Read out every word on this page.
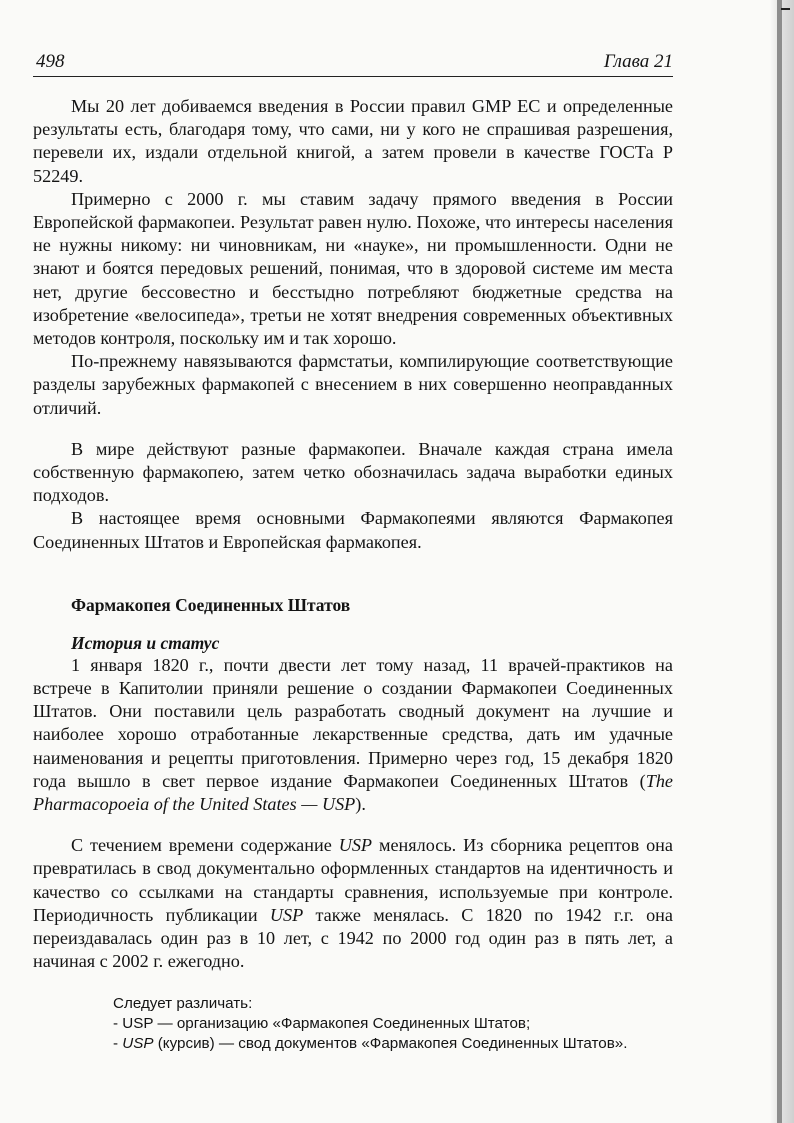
498	Глава 21

Мы 20 лет добиваемся введения в России правил GMP ЕС и определенные результаты есть, благодаря тому, что сами, ни у кого не спрашивая разрешения, перевели их, издали отдельной книгой, а затем провели в качестве ГОСТа Р 52249.

Примерно с 2000 г. мы ставим задачу прямого введения в России Европейской фармакопеи. Результат равен нулю. Похоже, что интересы населения не нужны никому: ни чиновникам, ни «науке», ни промышленности. Одни не знают и боятся передовых решений, понимая, что в здоровой системе им места нет, другие бессовестно и бесстыдно потребляют бюджетные средства на изобретение «велосипеда», третьи не хотят внедрения современных объективных методов контроля, поскольку им и так хорошо.

По-прежнему навязываются фармстатьи, компилирующие соответствующие разделы зарубежных фармакопей с внесением в них совершенно неоправданных отличий.

В мире действуют разные фармакопеи. Вначале каждая страна имела собственную фармакопею, затем четко обозначилась задача выработки единых подходов.

В настоящее время основными Фармакопеями являются Фармакопея Соединенных Штатов и Европейская фармакопея.

Фармакопея Соединенных Штатов
История и статус

1 января 1820 г., почти двести лет тому назад, 11 врачей-практиков на встрече в Капитолии приняли решение о создании Фармакопеи Соединенных Штатов. Они поставили цель разработать сводный документ на лучшие и наиболее хорошо отработанные лекарственные средства, дать им удачные наименования и рецепты приготовления. Примерно через год, 15 декабря 1820 года вышло в свет первое издание Фармакопеи Соединенных Штатов (The Pharmacopoeia of the United States — USP).

С течением времени содержание USP менялось. Из сборника рецептов она превратилась в свод документально оформленных стандартов на идентичность и качество со ссылками на стандарты сравнения, используемые при контроле. Периодичность публикации USP также менялась. С 1820 по 1942 г.г. она переиздавалась один раз в 10 лет, с 1942 по 2000 год один раз в пять лет, а начиная с 2002 г. ежегодно.

Следует различать:
- USP — организацию «Фармакопея Соединенных Штатов;
- USP (курсив) — свод документов «Фармакопея Соединенных Штатов».
